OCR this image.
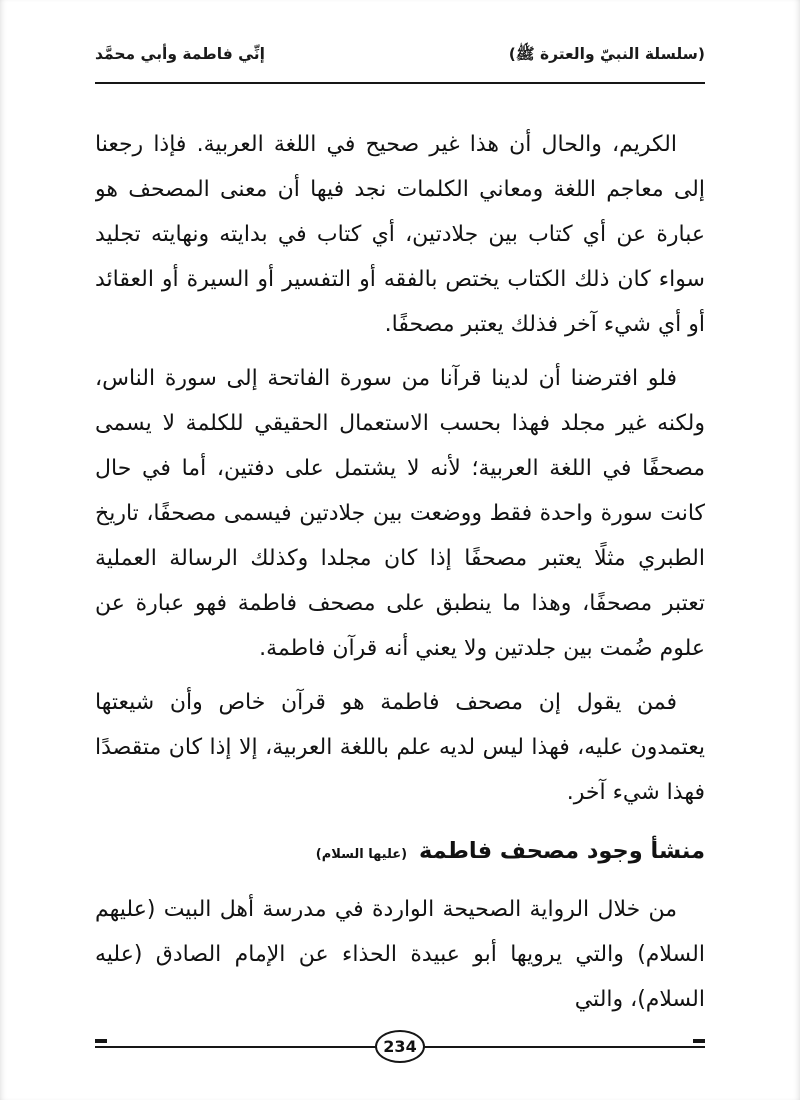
(سلسلة النبيّ والعترة ﷺ)
إنِّي فاطمة وأبي محمَّد

الكريم، والحال أن هذا غير صحيح في اللغة العربية. فإذا رجعنا إلى معاجم اللغة ومعاني الكلمات نجد فيها أن معنى المصحف هو عبارة عن أي كتاب بين جلادتين، أي كتاب في بدايته ونهايته تجليد سواء كان ذلك الكتاب يختص بالفقه أو التفسير أو السيرة أو العقائد أو أي شيء آخر فذلك يعتبر مصحفًا.

فلو افترضنا أن لدينا قرآنا من سورة الفاتحة إلى سورة الناس، ولكنه غير مجلد فهذا بحسب الاستعمال الحقيقي للكلمة لا يسمى مصحفًا في اللغة العربية؛ لأنه لا يشتمل على دفتين، أما في حال كانت سورة واحدة فقط ووضعت بين جلادتين فيسمى مصحفًا، تاريخ الطبري مثلًا يعتبر مصحفًا إذا كان مجلدا وكذلك الرسالة العملية تعتبر مصحفًا، وهذا ما ينطبق على مصحف فاطمة فهو عبارة عن علوم ضُمت بين جلدتين ولا يعني أنه قرآن فاطمة.

فمن يقول إن مصحف فاطمة هو قرآن خاص وأن شيعتها يعتمدون عليه، فهذا ليس لديه علم باللغة العربية، إلا إذا كان متقصدًا فهذا شيء آخر.

منشأ وجود مصحف فاطمة (عليها السلام)

من خلال الرواية الصحيحة الواردة في مدرسة أهل البيت (عليهم السلام) والتي يرويها أبو عبيدة الحذاء عن الإمام الصادق (عليه السلام)، والتي

234
